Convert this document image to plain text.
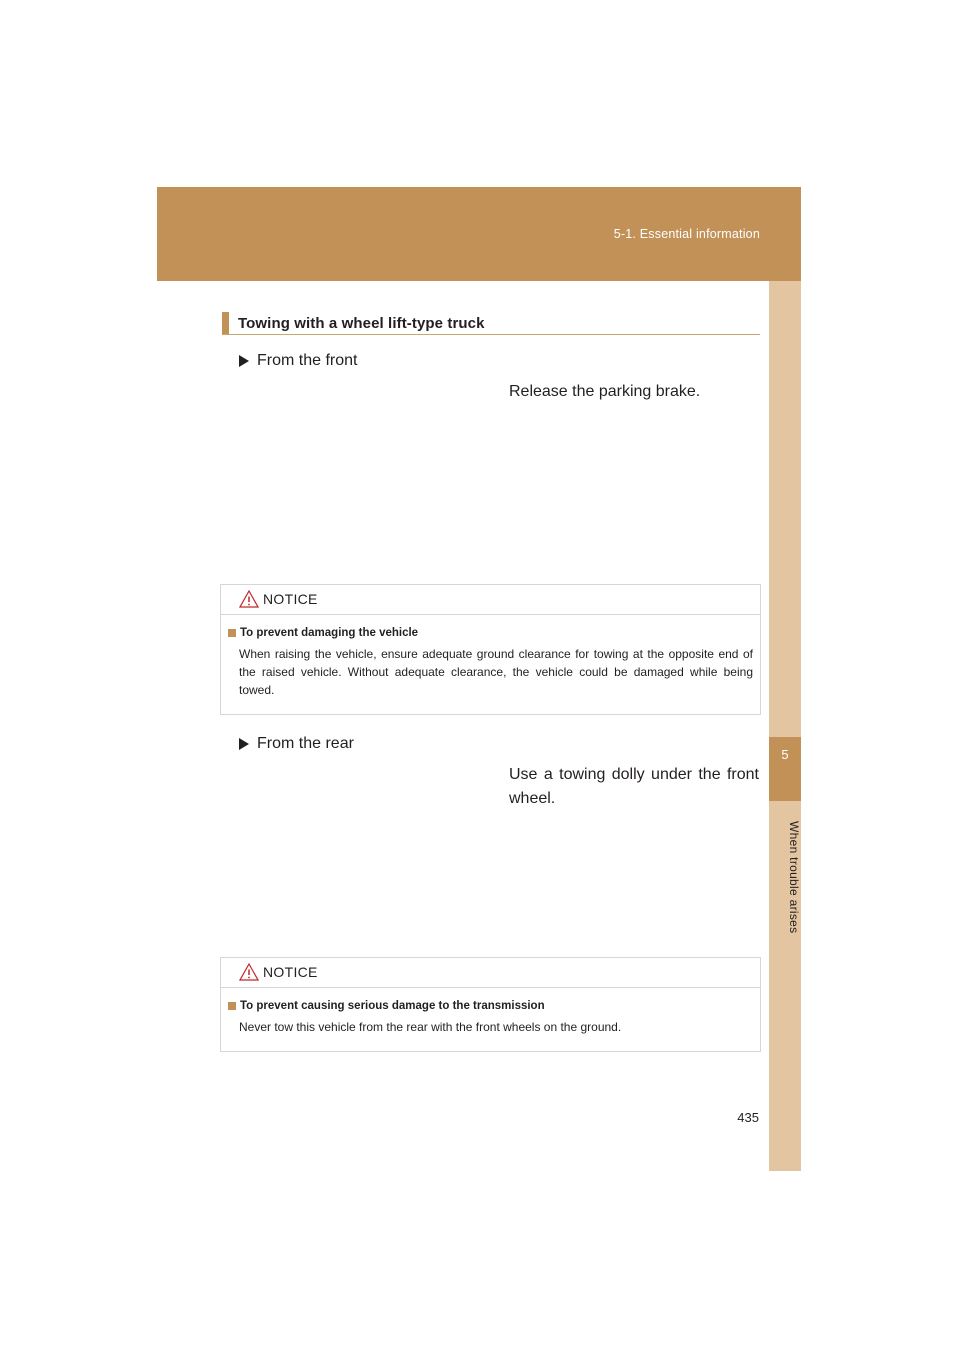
5-1. Essential information
5
When trouble arises
Towing with a wheel lift-type truck
From the front
Release the parking brake.
NOTICE
To prevent damaging the vehicle
When raising the vehicle, ensure adequate ground clearance for towing at the opposite end of the raised vehicle. Without adequate clearance, the vehicle could be damaged while being towed.
From the rear
Use a towing dolly under the front wheel.
NOTICE
To prevent causing serious damage to the transmission
Never tow this vehicle from the rear with the front wheels on the ground.
435
